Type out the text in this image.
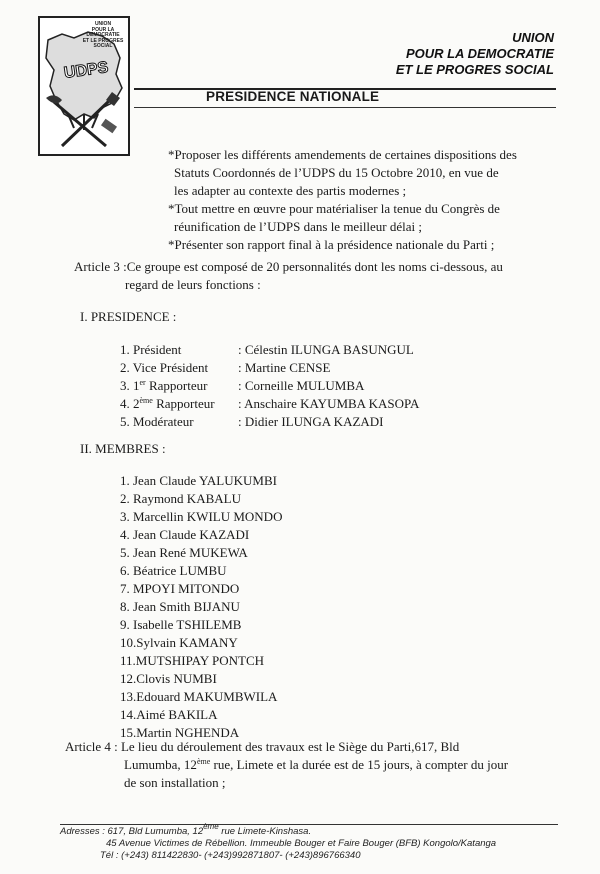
UNION
POUR LA DEMOCRATIE
ET LE PROGRES SOCIAL
UDPS
UNION
POUR LA DEMOCRATIE
ET LE PROGRES SOCIAL
PRESIDENCE NATIONALE
*Proposer les différents amendements de certaines dispositions des
Statuts Coordonnés de l’UDPS du 15 Octobre 2010, en vue de
les adapter au contexte des partis modernes ;
*Tout mettre en œuvre pour matérialiser la tenue du Congrès de
réunification de l’UDPS dans le meilleur délai ;
*Présenter son rapport final à la présidence nationale du Parti ;
Article 3 :Ce groupe est composé de 20 personnalités dont les noms ci-dessous, au
regard de leurs fonctions :
I. PRESIDENCE :
1. Président	: Célestin ILUNGA BASUNGUL
2. Vice Président	: Martine CENSE
3. 1er Rapporteur	: Corneille MULUMBA
4. 2ème Rapporteur	: Anschaire KAYUMBA KASOPA
5. Modérateur	: Didier ILUNGA KAZADI
II. MEMBRES :
1. Jean Claude YALUKUMBI
2. Raymond KABALU
3. Marcellin KWILU MONDO
4. Jean Claude KAZADI
5. Jean René MUKEWA
6. Béatrice LUMBU
7. MPOYI MITONDO
8. Jean Smith BIJANU
9. Isabelle TSHILEMB
10.Sylvain KAMANY
11.MUTSHIPAY PONTCH
12.Clovis NUMBI
13.Edouard MAKUMBWILA
14.Aimé BAKILA
15.Martin NGHENDA
Article 4 : Le lieu du déroulement des travaux est le Siège du Parti,617, Bld
Lumumba, 12ème rue, Limete et la durée est de 15 jours, à compter du jour
de son installation ;
Adresses : 617, Bld Lumumba, 12ème rue Limete-Kinshasa.
45 Avenue Victimes de Rébellion. Immeuble Bouger et Faire Bouger (BFB) Kongolo/Katanga
Tél : (+243) 811422830- (+243)992871807- (+243)896766340
